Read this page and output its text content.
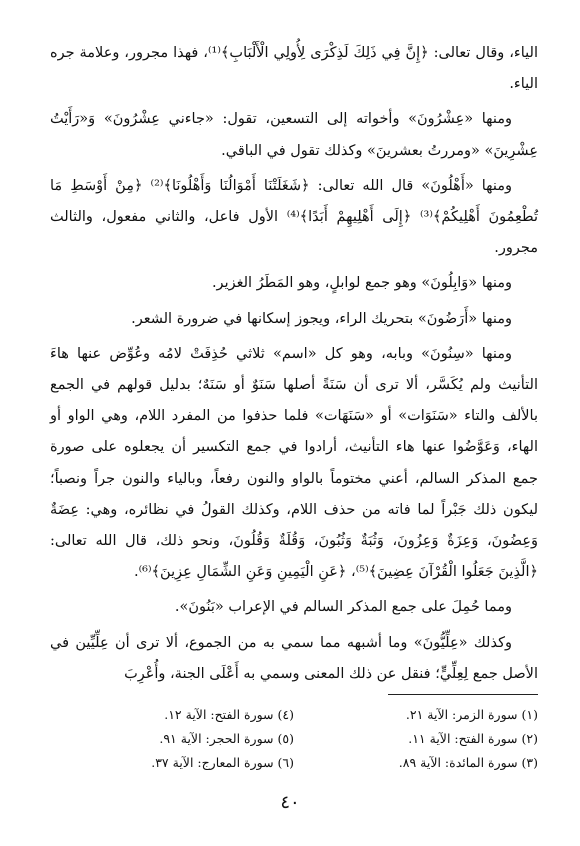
الياء، وقال تعالى: ﴿إِنَّ فِي ذَلِكَ لَذِكْرَى لِأُولِي الْأَلْبَابِ﴾⁽¹⁾، فهذا مجرور، وعلامة جره الياء.

ومنها «عِشْرُونَ» وأخواته إلى التسعين، تقول: «جاءني عِشْرُونَ» وَ«رَأَيْتُ عِشْرِينَ» «ومررتُ بعشرينَ» وكذلك تقول في الباقي.

ومنها «أَهْلُونَ» قال الله تعالى: ﴿شَغَلَتْنَا أَمْوَالُنَا وَأَهْلُونَا﴾⁽²⁾ ﴿مِنْ أَوْسَطِ مَا تُطْعِمُونَ أَهْلِيكُمْ﴾⁽³⁾ ﴿إِلَى أَهْلِيهِمْ أَبَدًا﴾⁽⁴⁾ الأول فاعل، والثاني مفعول، والثالث مجرور.

ومنها «وَابِلُونَ» وهو جمع لوابلٍ، وهو المَطَرُ الغزير.

ومنها «أَرَضُونَ» بتحريك الراء، ويجوز إسكانها في ضرورة الشعر.

ومنها «سِنُونَ» وبابه، وهو كل «اسم» ثلاثي حُذِفَتْ لامُه وعُوِّض عنها هاءَ التأنيث ولم يُكَسَّر، ألا ترى أن سَنَةً أصلها سَنَوٌ أو سَنَهٌ؛ بدليل قولهم في الجمع بالألف والتاء «سَنَوَات» أو «سَنَهَات» فلما حذفوا من المفرد اللام، وهي الواو أو الهاء، وَعَوَّضُوا عنها هاء التأنيث، أرادوا في جمع التكسير أن يجعلوه على صورة جمع المذكر السالم، أعني مختوماً بالواو والنون رفعاً، وبالياء والنون جراً ونصباً؛ ليكون ذلك جَبْراً لما فاته من حذف اللام، وكذلك القولُ في نظائره، وهي: عِضَةٌ وَعِضُونَ، وَعِزَةٌ وَعِزُونَ، وَثُبَةٌ وَثُبُونَ، وَقُلَةٌ وَقُلُونَ، ونحو ذلك، قال الله تعالى: ﴿الَّذِينَ جَعَلُوا الْقُرْآنَ عِضِينَ﴾⁽⁵⁾، ﴿عَنِ الْيَمِينِ وَعَنِ الشِّمَالِ عِزِينَ﴾⁽⁶⁾.

ومما حُمِلَ على جمع المذكر السالم في الإعراب «بَنُونَ».

وكذلك «عِلِّيُّونَ» وما أشبهه مما سمي به من الجموع، ألا ترى أن عِلِّيِّين في الأصل جمع لِعِلِّيٍّ؛ فنقل عن ذلك المعنى وسمي به أَعْلَى الجنة، وأُعْرِبَ

(١) سورة الزمر: الآية ٢١.
(٤) سورة الفتح: الآية ١٢.
(٢) سورة الفتح: الآية ١١.
(٥) سورة الحجر: الآية ٩١.
(٣) سورة المائدة: الآية ٨٩.
(٦) سورة المعارج: الآية ٣٧.
٤٠
